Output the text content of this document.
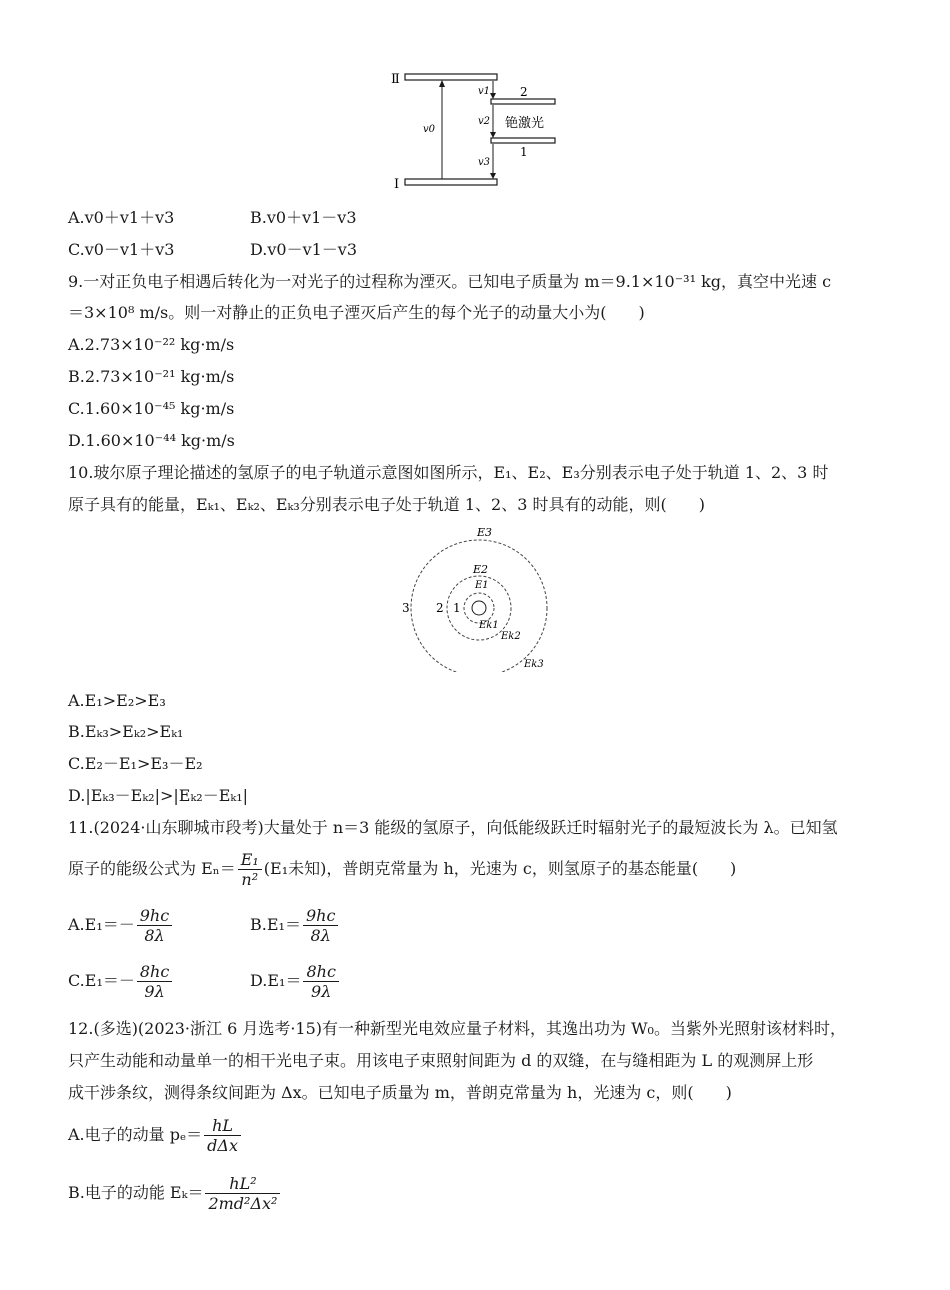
Ⅱ
Ⅰ
2
1
铯激光
v0
v1
v2
v3
A.v0＋v1＋v3	B.v0＋v1－v3
C.v0－v1＋v3	D.v0－v1－v3
9.一对正负电子相遇后转化为一对光子的过程称为湮灭。已知电子质量为 m＝9.1×10⁻³¹ kg，真空中光速 c
＝3×10⁸ m/s。则一对静止的正负电子湮灭后产生的每个光子的动量大小为(　　)
A.2.73×10⁻²² kg·m/s
B.2.73×10⁻²¹ kg·m/s
C.1.60×10⁻⁴⁵ kg·m/s
D.1.60×10⁻⁴⁴ kg·m/s
10.玻尔原子理论描述的氢原子的电子轨道示意图如图所示，E₁、E₂、E₃分别表示电子处于轨道 1、2、3 时
原子具有的能量，Eₖ₁、Eₖ₂、Eₖ₃分别表示电子处于轨道 1、2、3 时具有的动能，则(　　)
E3
E2
E1
3 2 1
Ek1
Ek2
Ek3
A.E₁>E₂>E₃
B.Eₖ₃>Eₖ₂>Eₖ₁
C.E₂－E₁>E₃－E₂
D.|Eₖ₃－Eₖ₂|>|Eₖ₂－Eₖ₁|
11.(2024·山东聊城市段考)大量处于 n＝3 能级的氢原子，向低能级跃迁时辐射光子的最短波长为 λ。已知氢
原子的能级公式为 $E_n= \frac{\text{E₁}}{\text{n²}} (E_1$未知)，普朗克常量为 h，光速为 c，则氢原子的基态能量(　　)
$A.E_1=- \frac{9hc}{8\lambda}$	$B.E_1= \frac{9hc}{8\lambda}$
$C.E_1=- \frac{8hc}{9\lambda}$	$D.E_1= \frac{8hc}{9\lambda}$
12.(多选)(2023·浙江 6 月选考·15)有一种新型光电效应量子材料，其逸出功为 W₀。当紫外光照射该材料时，
只产生动能和动量单一的相干光电子束。用该电子束照射间距为 d 的双缝，在与缝相距为 L 的观测屏上形
成干涉条纹，测得条纹间距为 Δx。已知电子质量为 m，普朗克常量为 h，光速为 c，则(　　)
A.电子的动量 $p_e= \frac{hL}{\text{dΔx}}$
B.电子的动能 $E_k= \frac{\text{hL²}}{\text{2md²Δx²}}$
